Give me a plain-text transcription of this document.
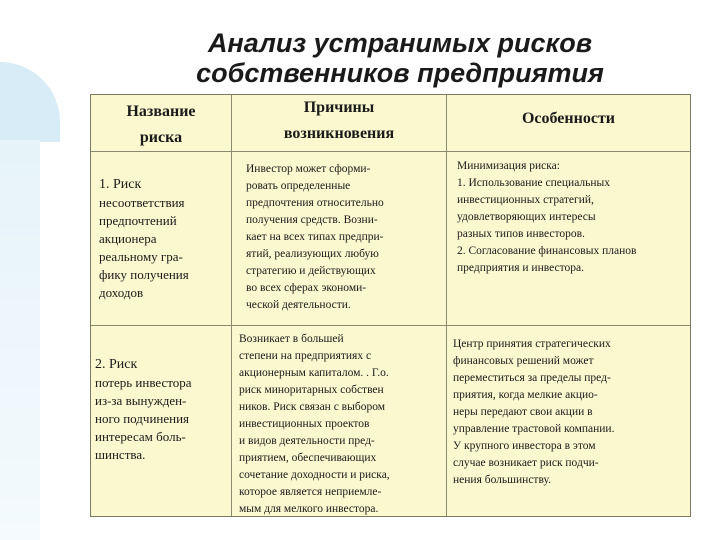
Анализ устранимых рисков
собственников предприятия
Название
риска
Причины
возникновения
Особенности

1. Риск

несоответствия
предпочтений
акционера
реальному гра-
фику получения
доходов

Инвестор может сформи-
ровать определенные
предпочтения относительно
получения средств. Возни-
кает на всех типах предпри-
ятий, реализующих любую
стратегию и действующих
во всех сферах экономи-
ческой деятельности.
Минимизация риска:
1. Использование специальных
инвестиционных стратегий,
удовлетворяющих интересы
разных типов инвесторов.
2. Согласование финансовых планов
предприятия и инвестора.

2. Риск

потерь инвестора
из-за вынужден-
ного подчинения
интересам боль-
шинства.

Возникает в большей
степени на предприятиях с
акционерным капиталом. . Г.о.
риск миноритарных собствен
ников. Риск связан с выбором
инвестиционных проектов
и видов деятельности пред-
приятием, обеспечивающих
сочетание доходности и риска,
которое является неприемле-
мым для мелкого инвестора.
Центр принятия стратегических
финансовых решений может
переместиться за пределы пред-
приятия, когда мелкие акцио-
неры передают свои акции в
управление трастовой компании.
У крупного инвестора в этом
случае возникает риск подчи-
нения большинству.
